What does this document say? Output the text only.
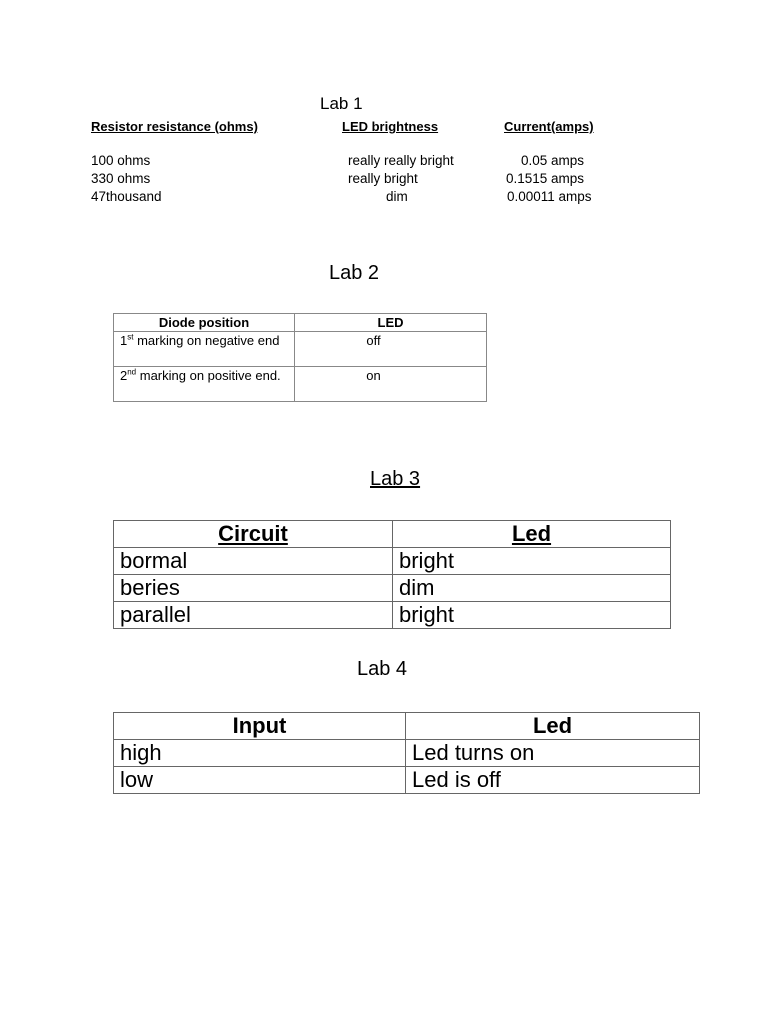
Lab 1
Resistor resistance (ohms)	LED brightness	Current(amps)
100 ohms	really really bright	0.05 amps
330 ohms	really bright	0.1515 amps
47thousand	dim	0.00011 amps
Lab 2
Diode position	LED
1st marking on negative end	off
2nd marking on positive end.	on
Lab 3
Circuit	Led
bormal	bright
beries	dim
parallel	bright
Lab 4
Input	Led
high	Led turns on
low	Led is off
